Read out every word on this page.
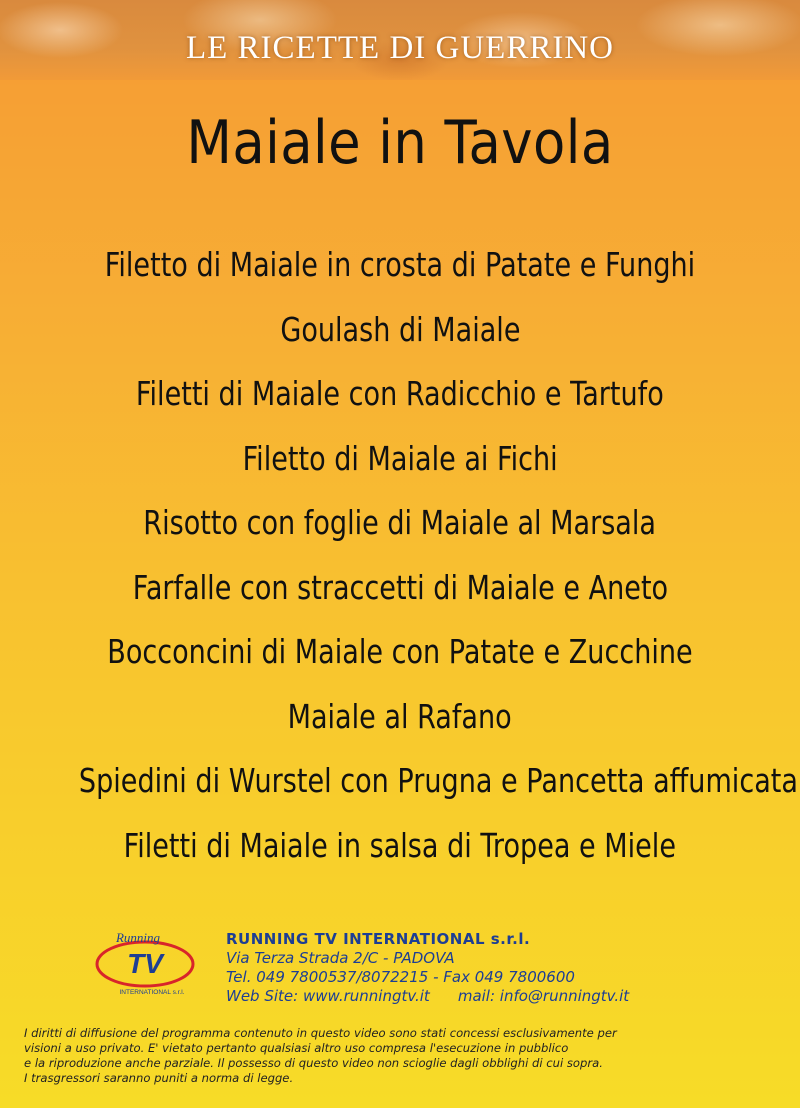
LE RICETTE DI GUERRINO
Maiale in Tavola
Filetto di Maiale in crosta di Patate e Funghi
Goulash di Maiale
Filetti di Maiale con Radicchio e Tartufo
Filetto di Maiale ai Fichi
Risotto con foglie di Maiale al Marsala
Farfalle con straccetti di Maiale e Aneto
Bocconcini di Maiale con Patate e Zucchine
Maiale al Rafano
Spiedini di Wurstel con Prugna e Pancetta affumicata
Filetti di Maiale in salsa di Tropea e Miele
Running
TV
INTERNATIONAL s.r.l.
RUNNING TV INTERNATIONAL s.r.l.
Via Terza Strada 2/C - PADOVA
Tel. 049 7800537/8072215 - Fax 049 7800600
Web Site: www.runningtv.it mail: info@runningtv.it
I diritti di diffusione del programma contenuto in questo video sono stati concessi esclusivamente per
visioni a uso privato. E' vietato pertanto qualsiasi altro uso compresa l'esecuzione in pubblico
e la riproduzione anche parziale. Il possesso di questo video non scioglie dagli obblighi di cui sopra.
I trasgressori saranno puniti a norma di legge.
